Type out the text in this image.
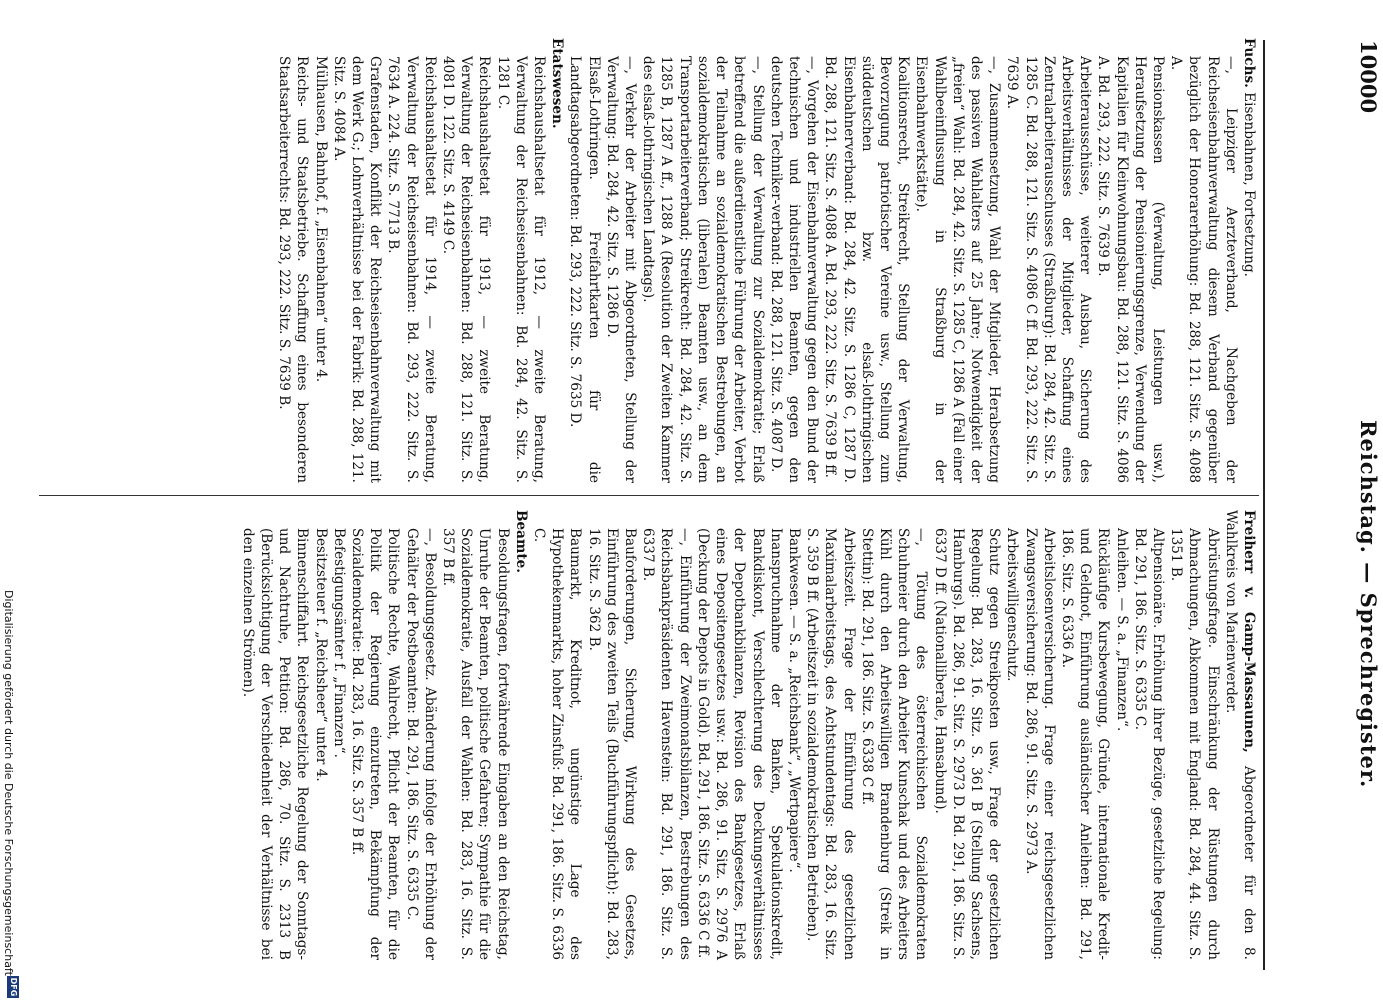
10000
Reichstag. — Sprechregister.

Fuchs. Eisenbahnen, Fortsetzung.

—, Leipziger Aerzteverband, Nachgeben der Reichseisenbahnverwaltung diesem Verband gegenüber bezüglich der Honorarerhöhung: Bd. 288, 121. Sitz. S. 4088 A.

Pensionskassen (Verwaltung, Leistungen usw.), Heraufsetzung der Pensionierungsgrenze, Verwendung der Kapitalien für Kleinwohnungsbau: Bd. 288, 121. Sitz. S. 4086 A. Bd. 293, 222. Sitz. S. 7639 B.

Arbeiterausschüsse, weiterer Ausbau, Sicherung des Arbeitsverhältnisses der Mitglieder, Schaffung eines Zentralarbeiterausschusses (Straßburg): Bd. 284, 42. Sitz. S. 1285 C. Bd. 288, 121. Sitz. S. 4086 C ff. Bd. 293, 222. Sitz. S. 7639 A.

—, Zusammensetzung, Wahl der Mitglieder, Herabsetzung des passiven Wahlalters auf 25 Jahre; Notwendigkeit der „freien“ Wahl: Bd. 284, 42. Sitz. S. 1285 C, 1286 A (Fall einer Wahlbeeinflussung in Straßburg in der Eisenbahnwerkstätte).

Koalitionsrecht, Streikrecht, Stellung der Verwaltung, Bevorzugung patriotischer Vereine usw., Stellung zum süddeutschen bzw. elsaß-lothringischen Eisenbahnerverband: Bd. 284, 42. Sitz. S. 1286 C, 1287 D. Bd. 288, 121. Sitz. S. 4088 A. Bd. 293, 222. Sitz. S. 7639 B ff.

—, Vorgehen der Eisenbahnverwaltung gegen den Bund der technischen und industriellen Beamten, gegen den deutschen Techniker-verband: Bd. 288, 121. Sitz. S. 4087 D.

—, Stellung der Verwaltung zur Sozialdemokratie; Erlaß betreffend die außerdienstliche Führung der Arbeiter, Verbot der Teilnahme an sozialdemokratischen Bestrebungen, an sozialdemokratischen (liberalen) Beamten usw., an dem Transportarbeiterverband; Streikrecht: Bd. 284, 42. Sitz. S. 1285 B, 1287 A ff., 1288 A (Resolution der Zweiten Kammer des elsaß-lothringischen Landtags).

—, Verkehr der Arbeiter mit Abgeordneten, Stellung der Verwaltung: Bd. 284, 42. Sitz. S. 1286 D.

Elsaß-Lothringen. Freifahrtkarten für die Landtagsabgeordneten: Bd. 293, 222. Sitz. S. 7635 D.

Etatswesen.

Reichshaushaltsetat für 1912, — zweite Beratung, Verwaltung der Reichseisenbahnen: Bd. 284, 42. Sitz. S. 1281 C.

Reichshaushaltsetat für 1913, — zweite Beratung, Verwaltung der Reichseisenbahnen: Bd. 288, 121. Sitz. S. 4081 D. 122. Sitz. S. 4149 C.

Reichshaushaltsetat für 1914, — zweite Beratung, Verwaltung der Reichseisenbahnen: Bd. 293, 222. Sitz. S. 7634 A. 224. Sitz. S. 7713 B.

Grafenstaden, Konflikt der Reichseisenbahnverwaltung mit dem Werk G.; Lohnverhältnisse bei der Fabrik: Bd. 288, 121. Sitz. S. 4084 A.

Mülhausen, Bahnhof, f. „Eisenbahnen“ unter 4.

Reichs- und Staatsbetriebe. Schaffung eines besonderen Staatsarbeiterrechts: Bd. 293, 222. Sitz. S. 7639 B.

Freiherr v. Gamp-Massaunen, Abgeordneter für den 8. Wahlkreis von Marienwerder.

Abrüstungsfrage. Einschränkung der Rüstungen durch Abmachungen, Abkommen mit England: Bd. 284, 44. Sitz. S. 1351 B.

Altpensionäre. Erhöhung ihrer Bezüge, gesetzliche Regelung: Bd. 291, 186. Sitz. S. 6335 C.

Anleihen. — S. a. „Finanzen“.

Rückläufige Kursbewegung, Gründe, internationale Kredit- und Geldnot, Einführung ausländischer Anleihen: Bd. 291, 186. Sitz. S. 6336 A.

Arbeitslosenversicherung. Frage einer reichsgesetzlichen Zwangsversicherung: Bd. 286, 91. Sitz. S. 2973 A.

Arbeitswilligenschutz.

Schutz gegen Streikposten usw., Frage der gesetzlichen Regelung: Bd. 283, 16. Sitz. S. 361 B (Stellung Sachsens, Hamburgs). Bd. 286, 91. Sitz. S. 2973 D. Bd. 291, 186. Sitz. S. 6337 D ff. (Nationalliberale, Hansabund).

—, Tötung des österreichischen Sozialdemokraten Schuhmeier durch den Arbeiter Kunschak und des Arbeiters Kühl durch den Arbeitswilligen Brandenburg (Streik in Stettin): Bd. 291, 186. Sitz. S. 6338 C ff.

Arbeitszeit. Frage der Einführung des gesetzlichen Maximalarbeitstags, des Achtstundentags: Bd. 283, 16. Sitz. S. 359 B ff. (Arbeitszeit in sozialdemokratischen Betrieben).

Bankwesen. — S. a. „Reichsbank“, „Wertpapiere“.

Inanspruchnahme der Banken, Spekulationskredit, Bankdiskont, Verschlechterung des Deckungsverhältnisses der Depotbankbilanzen, Revision des Bankgesetzes, Erlaß eines Depositengesetzes usw.: Bd. 286, 91. Sitz. S. 2976 A (Deckung der Depots in Gold). Bd. 291, 186. Sitz. S. 6336 C ff.

—, Einführung der Zweimonatsbilanzen, Bestrebungen des Reichsbankpräsidenten Havenstein: Bd. 291, 186. Sitz. S. 6337 B.

Bauforderungen, Sicherung, Wirkung des Gesetzes, Einführung des zweiten Teils (Buchführungspflicht): Bd. 283, 16. Sitz. S. 362 B.

Baumarkt, Kreditnot, ungünstige Lage des Hypothekenmarkts, hoher Zinsfuß: Bd. 291, 186. Sitz. S. 6336 C.

Beamte.

Besoldungsfragen, fortwährende Eingaben an den Reichstag, Unruhe der Beamten, politische Gefahren; Sympathie für die Sozialdemokratie, Ausfall der Wahlen: Bd. 283, 16. Sitz. S. 357 B ff.

—, Besoldungsgesetz. Abänderung infolge der Erhöhung der Gehälter der Postbeamten: Bd. 291, 186. Sitz. S. 6335 C.

Politische Rechte, Wahlrecht, Pflicht der Beamten, für die Politik der Regierung einzutreten, Bekämpfung der Sozialdemokratie: Bd. 283, 16. Sitz. S. 357 B ff.

Befestigungsämter f. „Finanzen“.

Besitzsteuer f. „Reichsheer“ unter 4.

Binnenschiffahrt. Reichsgesetzliche Regelung der Sonntags- und Nachtruhe, Petition: Bd. 286, 70. Sitz. S. 2313 B (Berücksichtigung der Verschiedenheit der Verhältnisse bei den einzelnen Strömen).

Digitalisierung gefördert durch die Deutsche Forschungsgemeinschaft
DFG
